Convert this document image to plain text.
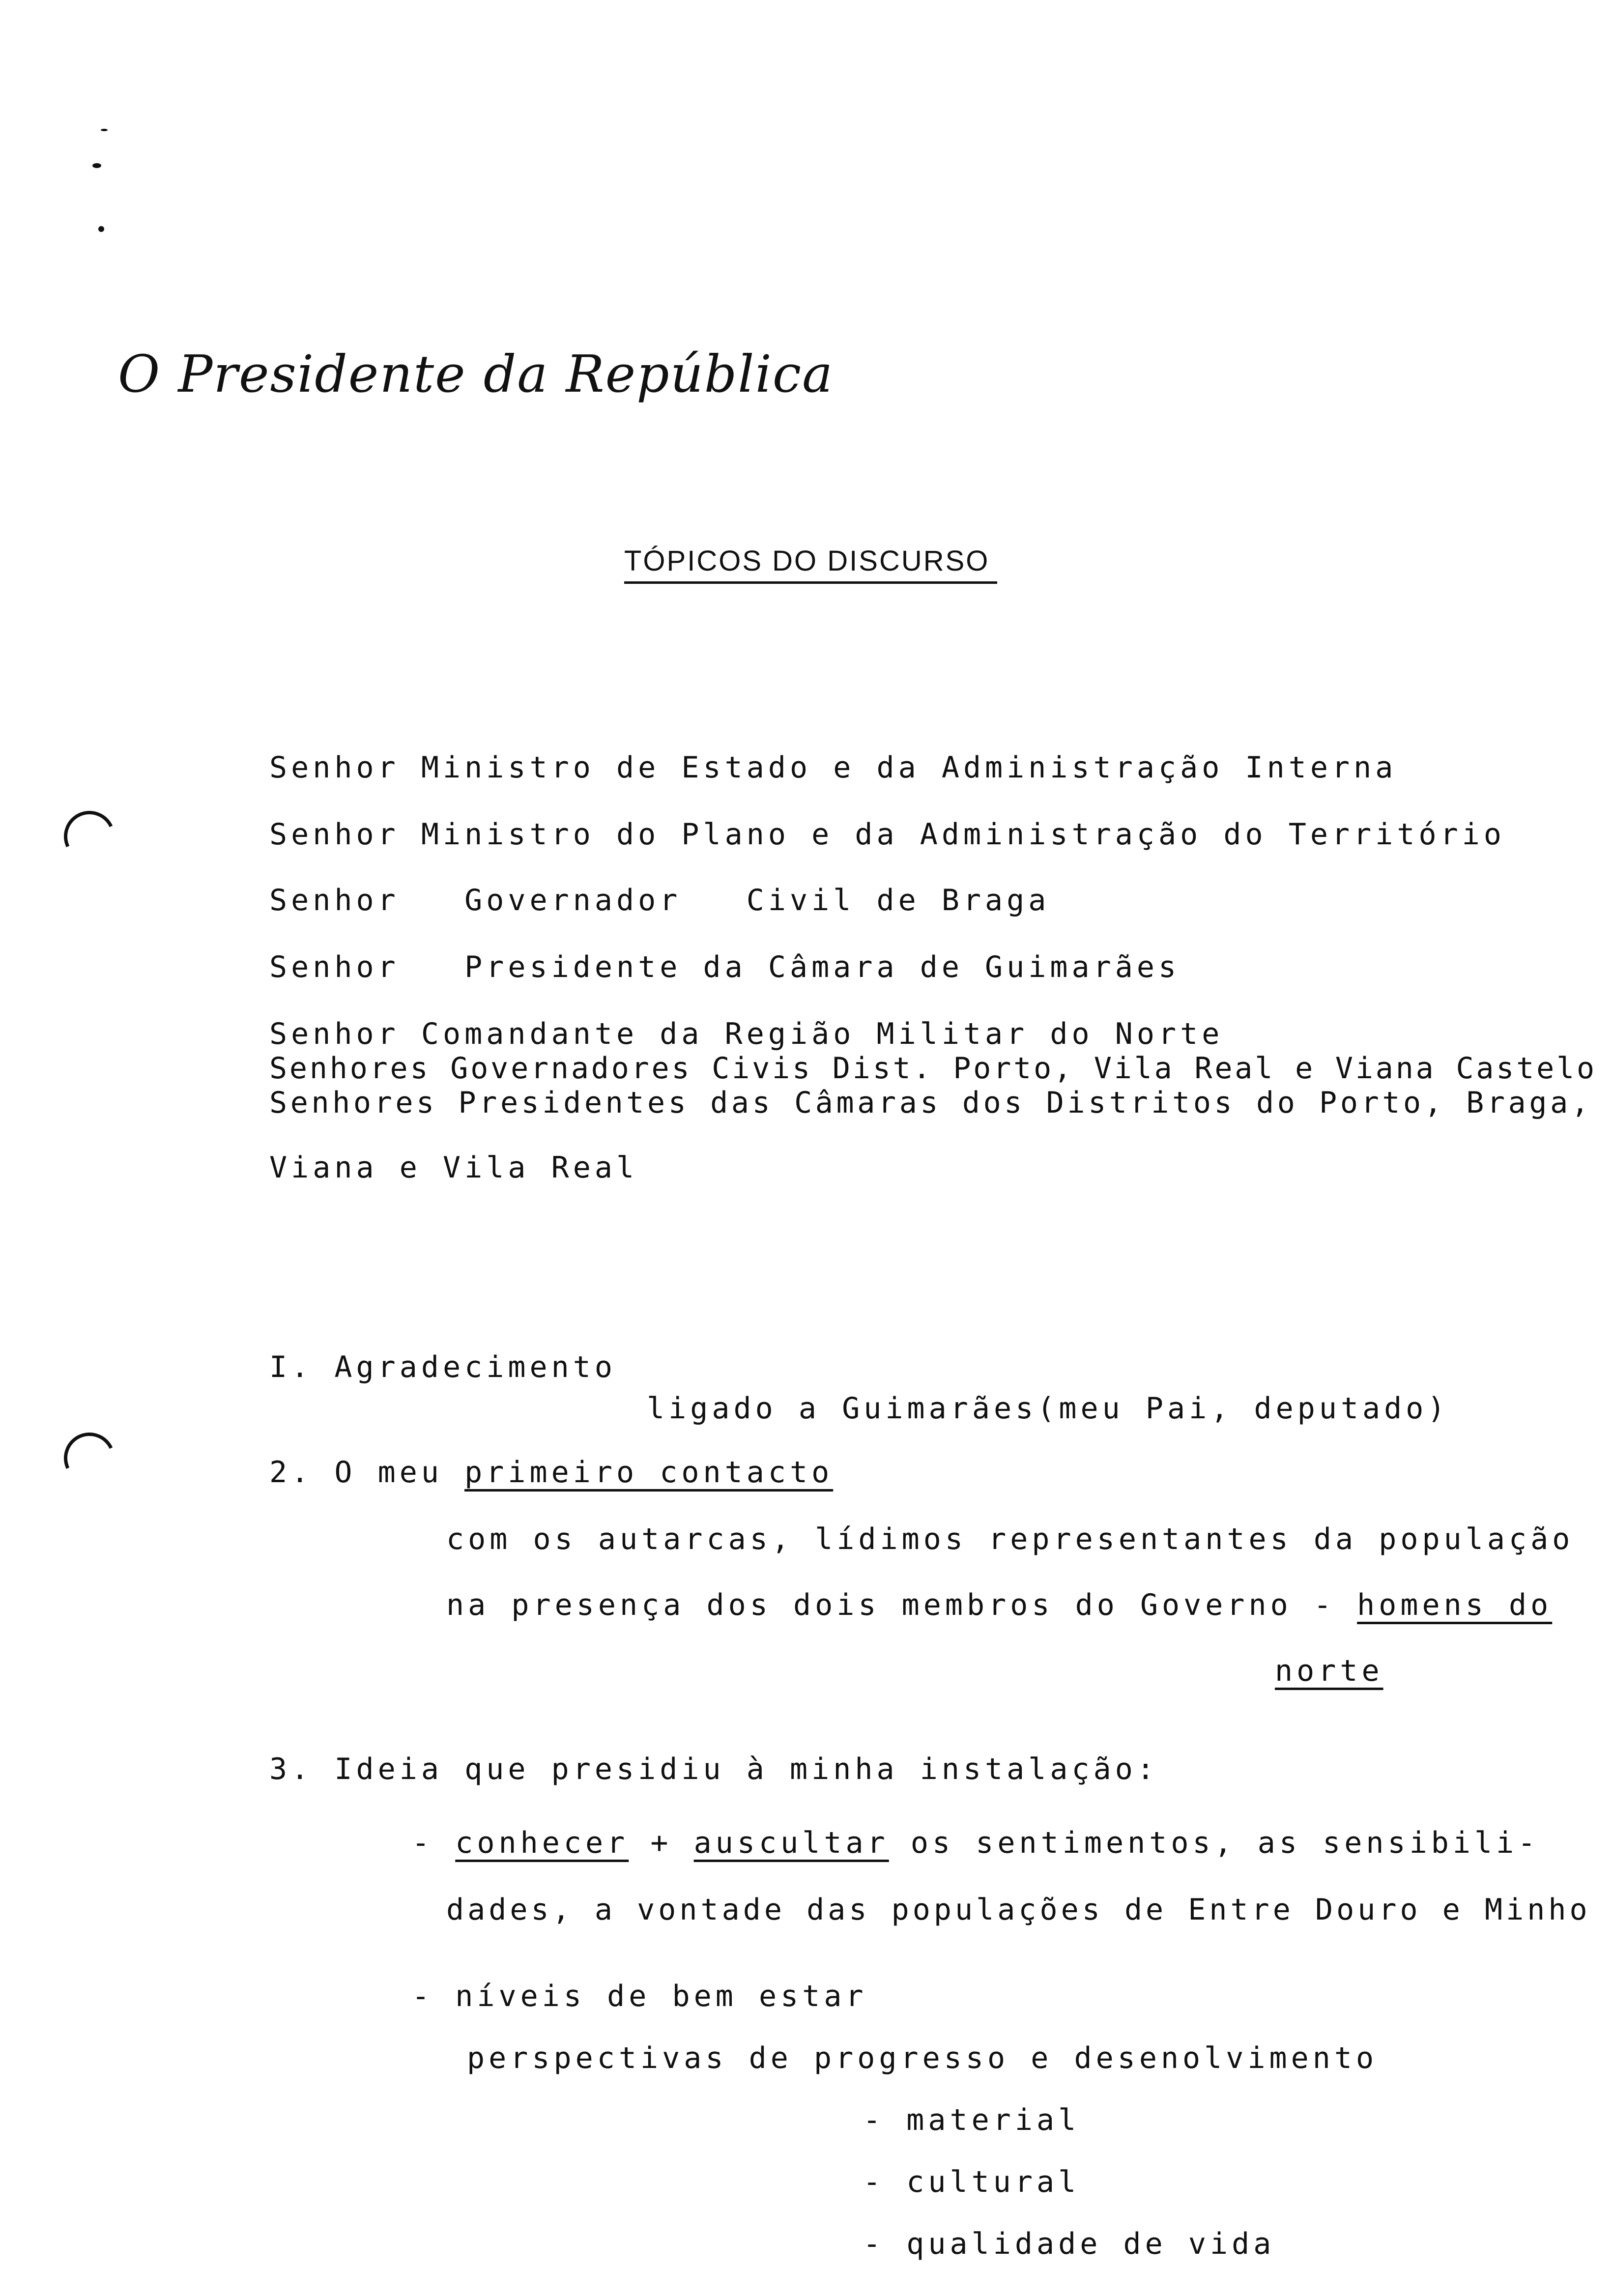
O Presidente da República
TÓPICOS DO DISCURSO
Senhor Ministro de Estado e da Administração Interna
Senhor Ministro do Plano e da Administração do Território
Senhor   Governador   Civil de Braga
Senhor   Presidente da Câmara de Guimarães
Senhor Comandante da Região Militar do Norte
Senhores Governadores Civis Dist. Porto, Vila Real e Viana Castelo
Senhores Presidentes das Câmaras dos Distritos do Porto, Braga,
Viana e Vila Real
I. Agradecimento
ligado a Guimarães(meu Pai, deputado)
2. O meu primeiro contacto
com os autarcas, lídimos representantes da população
na presença dos dois membros do Governo - homens do
norte
3. Ideia que presidiu à minha instalação:
- conhecer + auscultar os sentimentos, as sensibili-
dades, a vontade das populações de Entre Douro e Minho
- níveis de bem estar
perspectivas de progresso e desenolvimento
- material
- cultural
- qualidade de vida
